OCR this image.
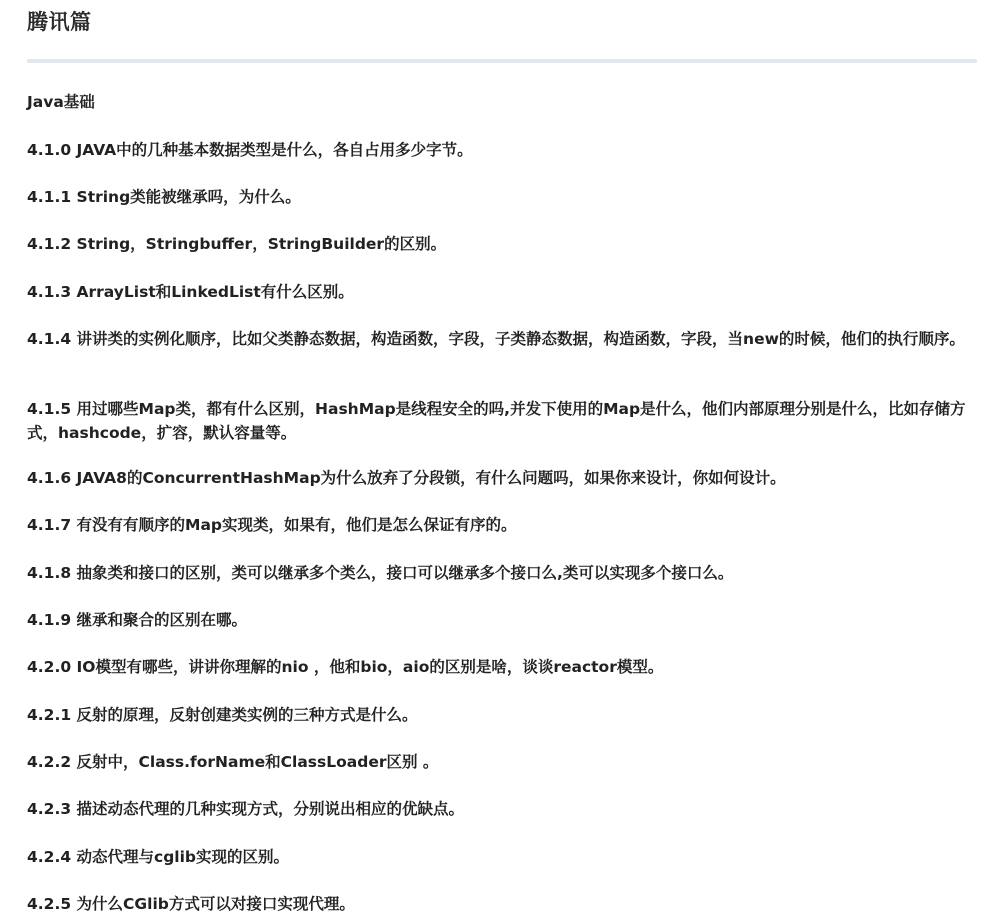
腾讯篇

Java基础

4.1.0 JAVA中的几种基本数据类型是什么，各自占用多少字节。

4.1.1 String类能被继承吗，为什么。

4.1.2 String，Stringbuffer，StringBuilder的区别。

4.1.3 ArrayList和LinkedList有什么区别。

4.1.4 讲讲类的实例化顺序，比如父类静态数据，构造函数，字段，子类静态数据，构造函数，字段，当new的时候，他们的执行顺序。

4.1.5 用过哪些Map类，都有什么区别，HashMap是线程安全的吗,并发下使用的Map是什么，他们内部原理分别是什么，比如存储方式，hashcode，扩容，默认容量等。

4.1.6 JAVA8的ConcurrentHashMap为什么放弃了分段锁，有什么问题吗，如果你来设计，你如何设计。

4.1.7 有没有有顺序的Map实现类，如果有，他们是怎么保证有序的。

4.1.8 抽象类和接口的区别，类可以继承多个类么，接口可以继承多个接口么,类可以实现多个接口么。

4.1.9 继承和聚合的区别在哪。

4.2.0 IO模型有哪些，讲讲你理解的nio ，他和bio，aio的区别是啥，谈谈reactor模型。

4.2.1 反射的原理，反射创建类实例的三种方式是什么。

4.2.2 反射中，Class.forName和ClassLoader区别 。

4.2.3 描述动态代理的几种实现方式，分别说出相应的优缺点。

4.2.4 动态代理与cglib实现的区别。

4.2.5 为什么CGlib方式可以对接口实现代理。
